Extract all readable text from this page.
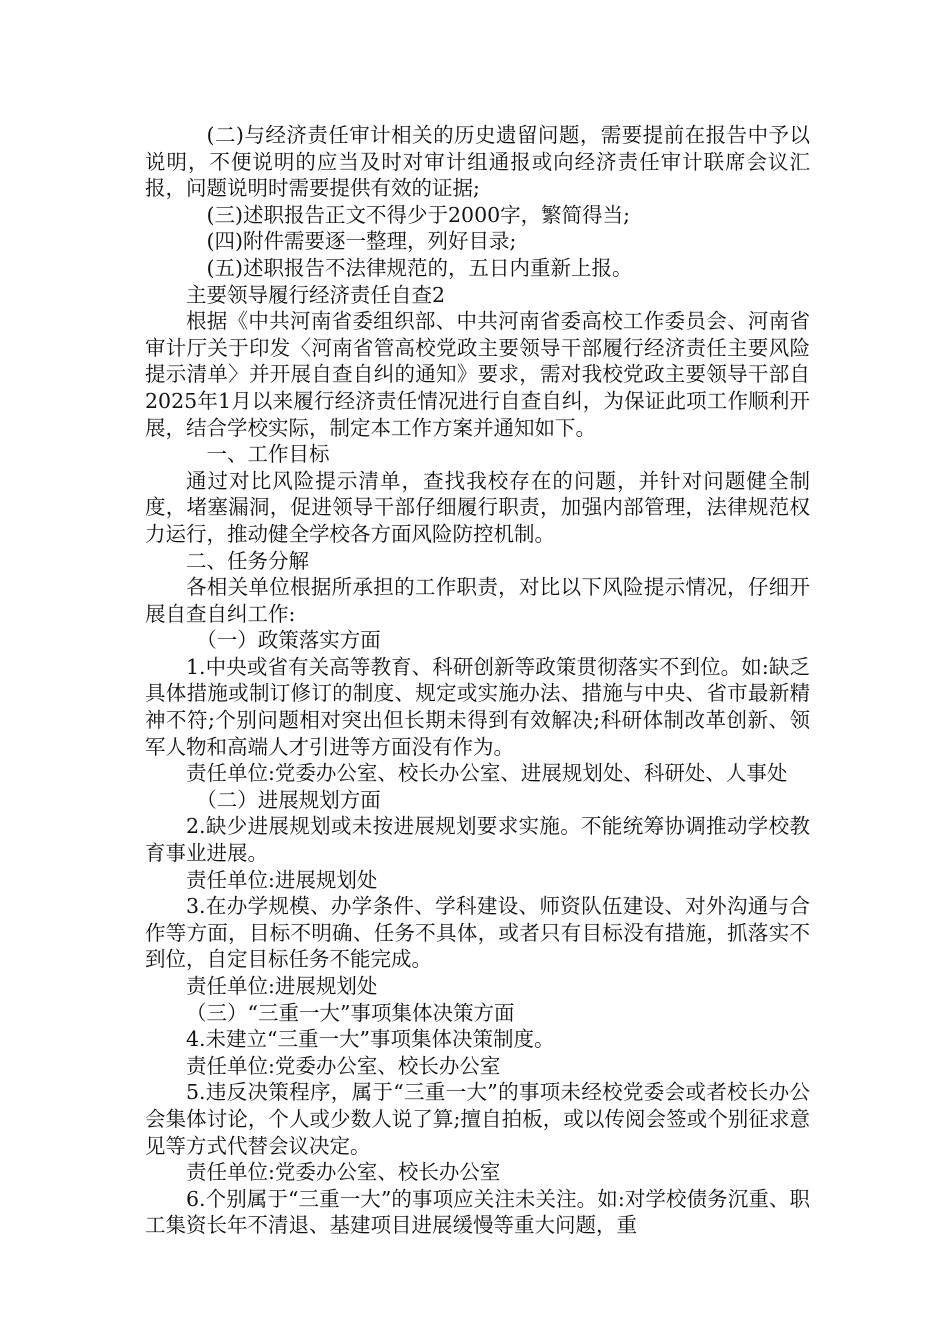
(二)与经济责任审计相关的历史遗留问题，需要提前在报告中予以说明，不便说明的应当及时对审计组通报或向经济责任审计联席会议汇报，问题说明时需要提供有效的证据;

(三)述职报告正文不得少于2000字，繁简得当;

(四)附件需要逐一整理，列好目录;

(五)述职报告不法律规范的，五日内重新上报。

主要领导履行经济责任自查2

根据《中共河南省委组织部、中共河南省委高校工作委员会、河南省审计厅关于印发〈河南省管高校党政主要领导干部履行经济责任主要风险提示清单〉并开展自查自纠的通知》要求，需对我校党政主要领导干部自2025年1月以来履行经济责任情况进行自查自纠，为保证此项工作顺利开展，结合学校实际，制定本工作方案并通知如下。

一、工作目标

通过对比风险提示清单，查找我校存在的问题，并针对问题健全制度，堵塞漏洞，促进领导干部仔细履行职责，加强内部管理，法律规范权力运行，推动健全学校各方面风险防控机制。

二、任务分解

各相关单位根据所承担的工作职责，对比以下风险提示情况，仔细开展自查自纠工作:

（一）政策落实方面

1.中央或省有关高等教育、科研创新等政策贯彻落实不到位。如:缺乏具体措施或制订修订的制度、规定或实施办法、措施与中央、省市最新精神不符;个别问题相对突出但长期未得到有效解决;科研体制改革创新、领军人物和高端人才引进等方面没有作为。

责任单位:党委办公室、校长办公室、进展规划处、科研处、人事处

（二）进展规划方面

2.缺少进展规划或未按进展规划要求实施。不能统筹协调推动学校教育事业进展。

责任单位:进展规划处

3.在办学规模、办学条件、学科建设、师资队伍建设、对外沟通与合作等方面，目标不明确、任务不具体，或者只有目标没有措施，抓落实不到位，自定目标任务不能完成。

责任单位:进展规划处

（三）“三重一大”事项集体决策方面

4.未建立“三重一大”事项集体决策制度。

责任单位:党委办公室、校长办公室

5.违反决策程序，属于“三重一大”的事项未经校党委会或者校长办公会集体讨论，个人或少数人说了算;擅自拍板，或以传阅会签或个别征求意见等方式代替会议决定。

责任单位:党委办公室、校长办公室

6.个别属于“三重一大”的事项应关注未关注。如:对学校债务沉重、职工集资长年不清退、基建项目进展缓慢等重大问题，重
